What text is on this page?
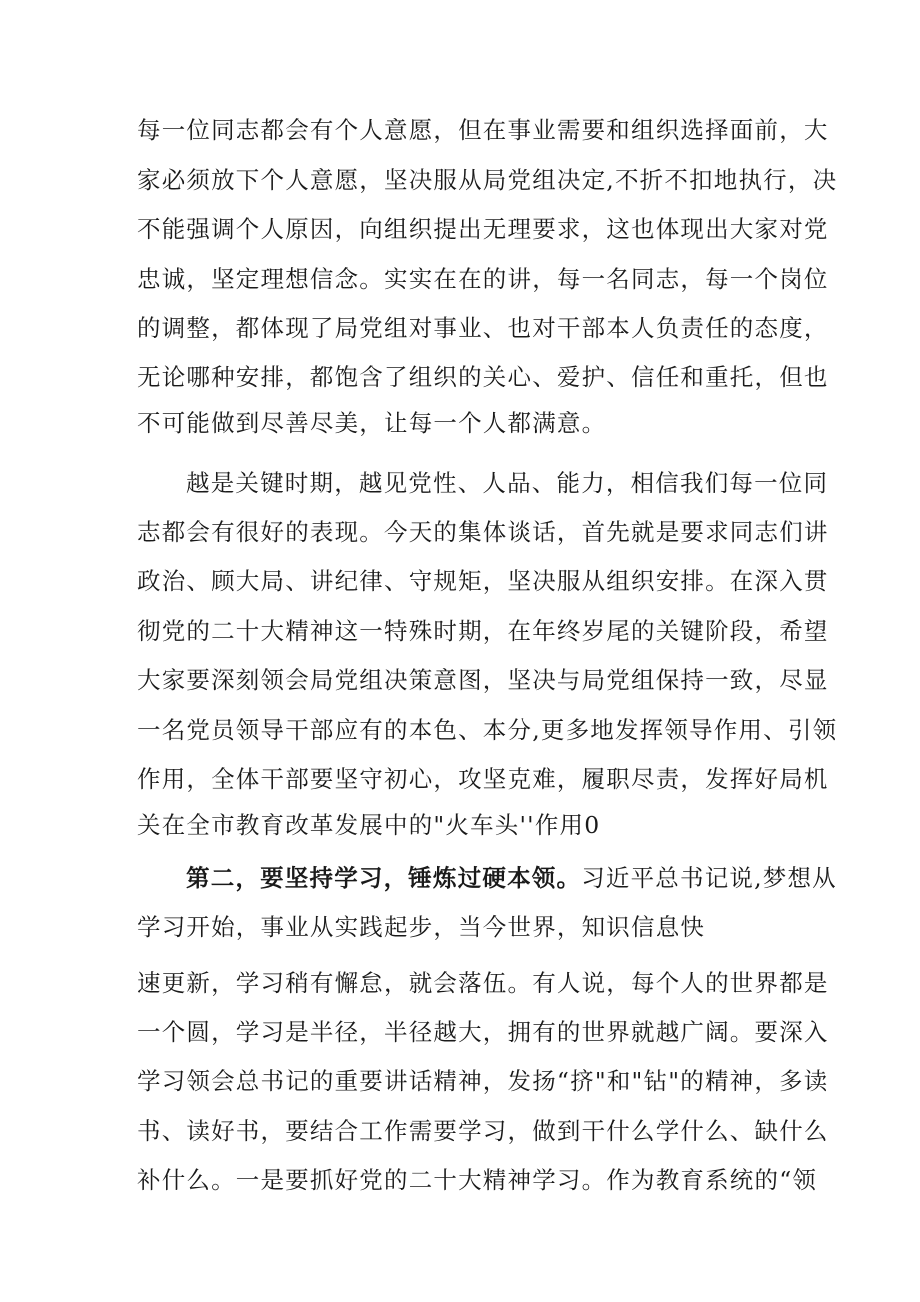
每一位同志都会有个人意愿，但在事业需要和组织选择面前，大
家必须放下个人意愿，坚决服从局党组决定,不折不扣地执行，决
不能强调个人原因，向组织提出无理要求，这也体现出大家对党
忠诚，坚定理想信念。实实在在的讲，每一名同志，每一个岗位
的调整，都体现了局党组对事业、也对干部本人负责任的态度，
无论哪种安排，都饱含了组织的关心、爱护、信任和重托，但也
不可能做到尽善尽美，让每一个人都满意。
越是关键时期，越见党性、人品、能力，相信我们每一位同
志都会有很好的表现。今天的集体谈话，首先就是要求同志们讲
政治、顾大局、讲纪律、守规矩，坚决服从组织安排。在深入贯
彻党的二十大精神这一特殊时期，在年终岁尾的关键阶段，希望
大家要深刻领会局党组决策意图，坚决与局党组保持一致，尽显
一名党员领导干部应有的本色、本分,更多地发挥领导作用、引领
作用，全体干部要坚守初心，攻坚克难，履职尽责，发挥好局机
关在全市教育改革发展中的"火车头''作用0
第二，要坚持学习，锤炼过硬本领。习近平总书记说,梦想从
学习开始，事业从实践起步，当今世界，知识信息快
速更新，学习稍有懈怠，就会落伍。有人说，每个人的世界都是
一个圆，学习是半径，半径越大，拥有的世界就越广阔。要深入
学习领会总书记的重要讲话精神，发扬“挤"和"钻"的精神，多读
书、读好书，要结合工作需要学习，做到干什么学什么、缺什么
补什么。一是要抓好党的二十大精神学习。作为教育系统的“领
